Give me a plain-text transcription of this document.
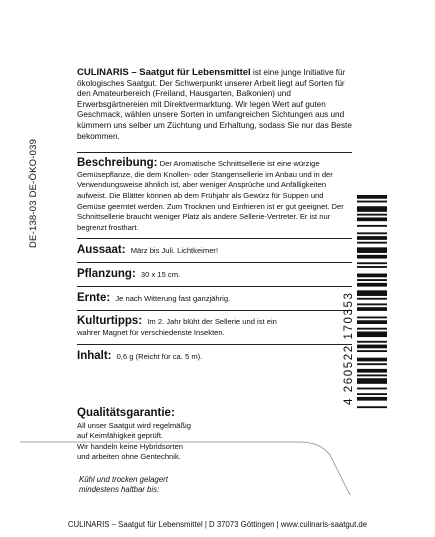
DE-138-03 DE-ÖKO-039

CULINARIS – Saatgut für Lebensmittel ist eine junge Initiative für ökologisches Saatgut. Der Schwerpunkt unserer Arbeit liegt auf Sorten für den Amateurbereich (Freiland, Hausgarten, Balkonien) und Erwerbsgärtnereien mit Direktvermarktung. Wir legen Wert auf guten Geschmack, wählen unsere Sorten in umfangreichen Sichtungen aus und kümmern uns selber um Züchtung und Erhaltung, sodass Sie nur das Beste bekommen.

Beschreibung: Der Aromatische Schnittsellerie ist eine würzige Gemüsepflanze, die dem Knollen- oder Stangensellerie im Anbau und in der Verwendungsweise ähnlich ist, aber weniger Ansprüche und Anfälligkeiten aufweist. Die Blätter können ab dem Frühjahr als Gewürz für Suppen und Gemüse geerntet werden. Zum Trocknen und Einfrieren ist er gut geeignet. Der Schnittsellerie braucht weniger Platz als andere Sellerie-Vertreter. Er ist nur begrenzt frosthart.

Aussaat: März bis Juli. Lichtkeimer!
Pflanzung: 30 x 15 cm.
Ernte: Je nach Witterung fast ganzjährig.
Kulturtipps: Im 2. Jahr blüht der Sellerie und ist ein wahrer Magnet für verschiedenste Insekten.
Inhalt: 0,6 g (Reicht für ca. 5 m).	4 260522 170353
Qualitätsgarantie:
All unser Saatgut wird regelmäßig
auf Keimfähigkeit geprüft.
Wir handeln keine Hybridsorten
und arbeiten ohne Gentechnik.
Kühl und trocken gelagert
mindestens haltbar bis:
CULINARIS – Saatgut für Lebensmittel | D 37073 Göttingen | www.culinaris-saatgut.de
